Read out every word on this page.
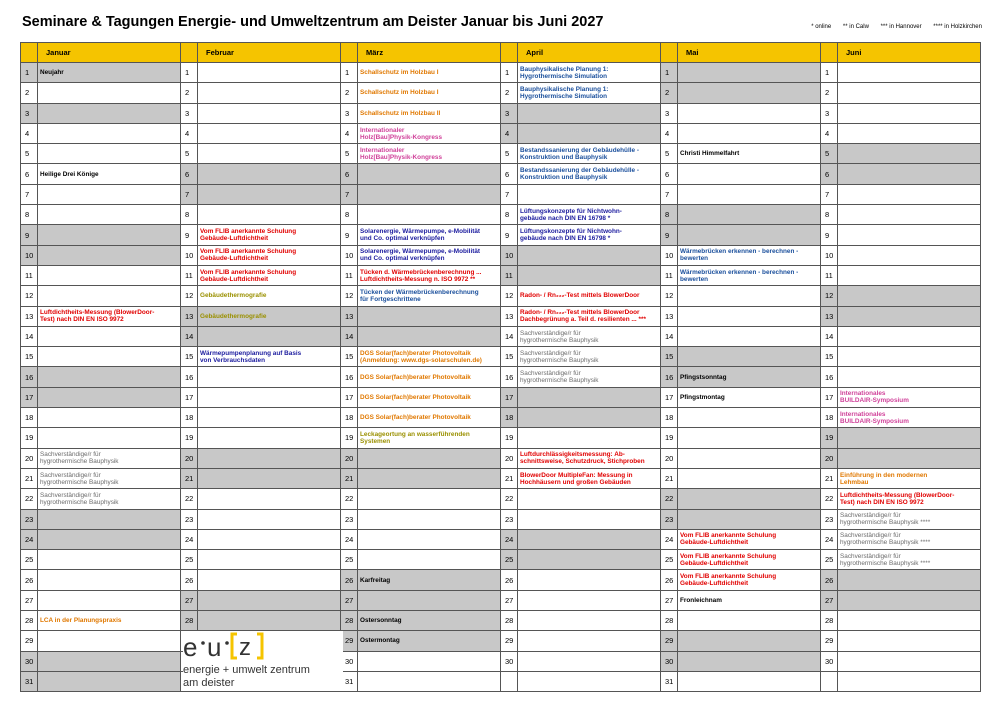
Seminare & Tagungen Energie- und Umweltzentrum am Deister Januar bis Juni 2027	* online ** in Calw *** in Hannover **** in Holzkirchen
	Januar		Februar		März		April		Mai		Juni
1	Neujahr	1		1	Schallschutz im Holzbau I	1	Bauphysikalische Planung 1:
Hygrothermische Simulation	1		1	
2		2		2	Schallschutz im Holzbau I	2	Bauphysikalische Planung 1:
Hygrothermische Simulation	2		2	
3		3		3	Schallschutz im Holzbau II	3		3		3	
4		4		4	Internationaler
Holz[Bau]Physik-Kongress	4		4		4	
5		5		5	Internationaler
Holz[Bau]Physik-Kongress	5	Bestandssanierung der Gebäudehülle -
Konstruktion und Bauphysik	5	Christi Himmelfahrt	5	
6	Heilige Drei Könige	6		6		6	Bestandssanierung der Gebäudehülle -
Konstruktion und Bauphysik	6		6	
7		7		7		7		7		7	
8		8		8		8	Lüftungskonzepte für Nichtwohn-
gebäude nach DIN EN 16798 *	8		8	
9		9	Vom FLIB anerkannte Schulung
Gebäude-Luftdichtheit	9	Solarenergie, Wärmepumpe, e-Mobilität
und Co. optimal verknüpfen	9	Lüftungskonzepte für Nichtwohn-
gebäude nach DIN EN 16798 *	9		9	
10		10	Vom FLIB anerkannte Schulung
Gebäude-Luftdichtheit	10	Solarenergie, Wärmepumpe, e-Mobilität
und Co. optimal verknüpfen	10		10	Wärmebrücken erkennen - berechnen -
bewerten	10	
11		11	Vom FLIB anerkannte Schulung
Gebäude-Luftdichtheit	11	Tücken d. Wärmebrückenberechnung ...
Luftdichtheits-Messung n. ISO 9972 **	11		11	Wärmebrücken erkennen - berechnen -
bewerten	11	
12		12	Gebäudethermografie	12	Tücken der Wärmebrückenberechnung
für Fortgeschrittene	12	Radon- / Rn₂₂₂-Test mittels BlowerDoor	12		12	
13	Luftdichtheits-Messung (BlowerDoor-
Test) nach DIN EN ISO 9972	13	Gebäudethermografie	13		13	Radon- / Rn₂₂₂-Test mittels BlowerDoor
Dachbegrünung a. Teil d. resilienten ... ***	13		13	
14		14		14		14	Sachverständige/r für
hygrothermische Bauphysik	14		14	
15		15	Wärmepumpenplanung auf Basis
von Verbrauchsdaten	15	DGS Solar(fach)berater Photovoltaik
(Anmeldung: www.dgs-solarschulen.de)	15	Sachverständige/r für
hygrothermische Bauphysik	15		15	
16		16		16	DGS Solar(fach)berater Photovoltaik	16	Sachverständige/r für
hygrothermische Bauphysik	16	Pfingstsonntag	16	
17		17		17	DGS Solar(fach)berater Photovoltaik	17		17	Pfingstmontag	17	Internationales
BUILDAIR-Symposium

18		18		18	DGS Solar(fach)berater Photovoltaik	18		18		18	Internationales
BUILDAIR-Symposium

19		19		19	Leckageortung an wasserführenden
Systemen	19		19		19	
20	Sachverständige/r für
hygrothermische Bauphysik	20		20		20	Luftdurchlässigkeitsmessung: Ab-
schnittsweise, Schutzdruck, Stichproben	20		20	
21	Sachverständige/r für
hygrothermische Bauphysik	21		21		21	BlowerDoor MultipleFan: Messung in
Hochhäusern und großen Gebäuden	21		21	Einführung in den modernen
Lehmbau

22	Sachverständige/r für
hygrothermische Bauphysik	22		22		22		22		22	Luftdichtheits-Messung (BlowerDoor-
Test) nach DIN EN ISO 9972

23		23		23		23		23		23	Sachverständige/r für
hygrothermische Bauphysik ****

24		24		24		24		24	Vom FLIB anerkannte Schulung
Gebäude-Luftdichtheit	24	Sachverständige/r für
hygrothermische Bauphysik ****

25		25		25		25		25	Vom FLIB anerkannte Schulung
Gebäude-Luftdichtheit	25	Sachverständige/r für
hygrothermische Bauphysik ****

26		26		26	Karfreitag	26		26	Vom FLIB anerkannte Schulung
Gebäude-Luftdichtheit	26	
27		27		27		27		27	Fronleichnam	27	
28	LCA in der Planungspraxis	28		28	Ostersonntag	28		28		28	
29				29	Ostermontag	29		29		29	
30				30		30		30		30	
31				31				31			
e u z
energie + umwelt zentrum
am deister
